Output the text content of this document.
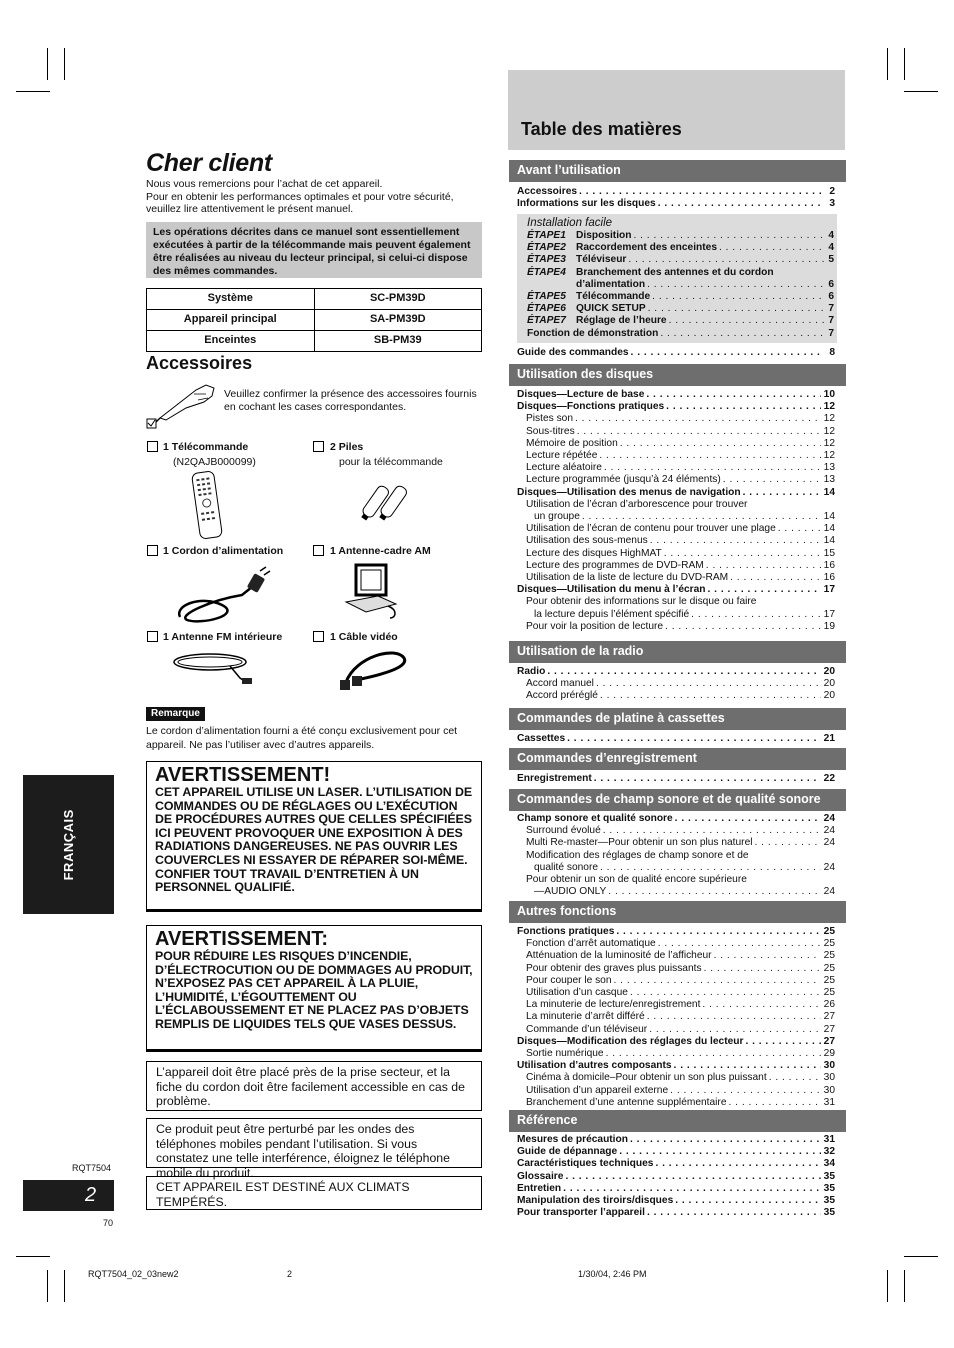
Cher client
Nous vous remercions pour l’achat de cet appareil.
Pour en obtenir les performances optimales et pour votre sécurité,
veuillez lire attentivement le présent manuel.
Les opérations décrites dans ce manuel sont essentiellement exécutées à partir de la télécommande mais peuvent également être réalisées au niveau du lecteur principal, si celui-ci dispose des mêmes commandes.
Système	SC-PM39D
Appareil principal	SA-PM39D
Enceintes	SB-PM39
Accessoires
Veuillez confirmer la présence des accessoires fournis en cochant les cases correspondantes.
1 Télécommande
(N2QAJB000099)
2 Piles
pour la télécommande
1 Cordon d’alimentation	1 Antenne-cadre AM
1 Antenne FM intérieure	1 Câble vidéo
Remarque
Le cordon d’alimentation fourni a été conçu exclusivement pour cet appareil. Ne pas l’utiliser avec d’autres appareils.
AVERTISSEMENT!

CET APPAREIL UTILISE UN LASER. L’UTILISATION DE COMMANDES OU DE RÉGLAGES OU L’EXÉCUTION DE PROCÉDURES AUTRES QUE CELLES SPÉCIFIÉES ICI PEUVENT PROVOQUER UNE EXPOSITION À DES RADIATIONS DANGEREUSES. NE PAS OUVRIR LES COUVERCLES NI ESSAYER DE RÉPARER SOI-MÊME. CONFIER TOUT TRAVAIL D’ENTRETIEN À UN PERSONNEL QUALIFIÉ.

AVERTISSEMENT:

POUR RÉDUIRE LES RISQUES D’INCENDIE, D’ÉLECTROCUTION OU DE DOMMAGES AU PRODUIT, N’EXPOSEZ PAS CET APPAREIL À LA PLUIE, L’HUMIDITÉ, L’ÉGOUTTEMENT OU L’ÉCLABOUSSEMENT ET NE PLACEZ PAS D’OBJETS REMPLIS DE LIQUIDES TELS QUE VASES DESSUS.

L’appareil doit être placé près de la prise secteur, et la fiche du cordon doit être facilement accessible en cas de problème.
Ce produit peut être perturbé par les ondes des téléphones mobiles pendant l’utilisation. Si vous constatez une telle interférence, éloignez le téléphone mobile du produit.
CET APPAREIL EST DESTINÉ AUX CLIMATS TEMPÉRÉS.
FRANÇAIS
RQT7504
2
70
RQT7504_02_03new2	2	1/30/04, 2:46 PM
Table des matières
Avant l’utilisation
Accessoires . . .	2
Informations sur les disques . . .	3
Installation facile
ÉTAPE1 Disposition . . .	4
ÉTAPE2 Raccordement des enceintes . . .	4
ÉTAPE3 Téléviseur . . .	5
ÉTAPE4 Branchement des antennes et du cordon
d’alimentation . . .	6
ÉTAPE5 Télécommande . . .	6
ÉTAPE6 QUICK SETUP . . .	7
ÉTAPE7 Réglage de l’heure . . .	7
Fonction de démonstration . . .	7
Guide des commandes . . .	8
Utilisation des disques
Disques—Lecture de base . . .	10
Disques—Fonctions pratiques . . .	12
Pistes son . . .	12
Sous-titres . . .	12
Mémoire de position . . .	12
Lecture répétée . . .	12
Lecture aléatoire . . .	13
Lecture programmée (jusqu’à 24 éléments) . . .	13
Disques—Utilisation des menus de navigation . . .	14
Utilisation de l’écran d’arborescence pour trouver
un groupe . . .	14
Utilisation de l’écran de contenu pour trouver une plage . . .	14
Utilisation des sous-menus . . .	14
Lecture des disques HighMAT . . .	15
Lecture des programmes de DVD-RAM . . .	16
Utilisation de la liste de lecture du DVD-RAM . . .	16
Disques—Utilisation du menu à l’écran . . .	17
Pour obtenir des informations sur le disque ou faire
la lecture depuis l’élément spécifié . . .	17
Pour voir la position de lecture . . .	19
Utilisation de la radio
Radio . . .	20
Accord manuel . . .	20
Accord préréglé . . .	20
Commandes de platine à cassettes
Cassettes . . .	21
Commandes d’enregistrement
Enregistrement . . .	22
Commandes de champ sonore et de qualité sonore
Champ sonore et qualité sonore . . .	24
Surround évolué . . .	24
Multi Re-master—Pour obtenir un son plus naturel . . .	24
Modification des réglages de champ sonore et de
qualité sonore . . .	24
Pour obtenir un son de qualité encore supérieure
—AUDIO ONLY . . .	24
Autres fonctions
Fonctions pratiques . . .	25
Fonction d’arrêt automatique . . .	25
Atténuation de la luminosité de l’afficheur . . .	25
Pour obtenir des graves plus puissants . . .	25
Pour couper le son . . .	25
Utilisation d’un casque . . .	25
La minuterie de lecture/enregistrement . . .	26
La minuterie d’arrêt différé . . .	27
Commande d’un téléviseur . . .	27
Disques—Modification des réglages du lecteur . . .	27
Sortie numérique . . .	29
Utilisation d’autres composants . . .	30
Cinéma à domicile–Pour obtenir un son plus puissant . . .	30
Utilisation d’un appareil externe . . .	30
Branchement d’une antenne supplémentaire . . .	31
Référence
Mesures de précaution . . .	31
Guide de dépannage . . .	32
Caractéristiques techniques . . .	34
Glossaire . . .	35
Entretien . . .	35
Manipulation des tiroirs/disques . . .	35
Pour transporter l’appareil . . .	35
